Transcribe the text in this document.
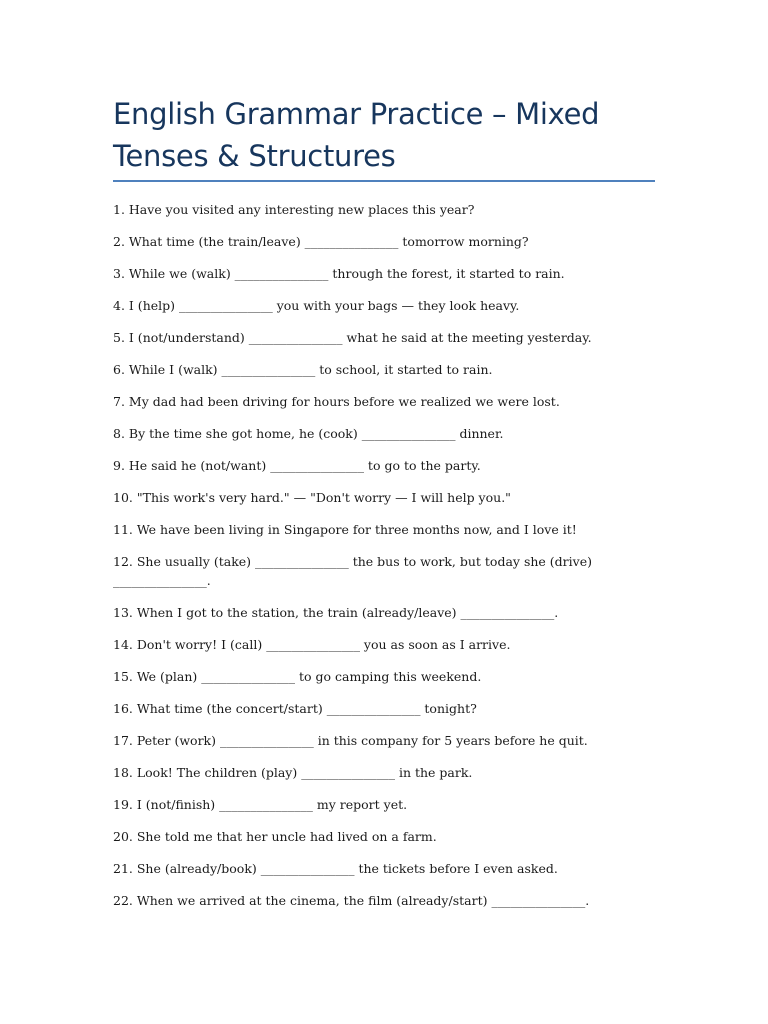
English Grammar Practice – Mixed Tenses & Structures
1. Have you visited any interesting new places this year?
2. What time (the train/leave) _______________ tomorrow morning?
3. While we (walk) _______________ through the forest, it started to rain.
4. I (help) _______________ you with your bags — they look heavy.
5. I (not/understand) _______________ what he said at the meeting yesterday.
6. While I (walk) _______________ to school, it started to rain.
7. My dad had been driving for hours before we realized we were lost.
8. By the time she got home, he (cook) _______________ dinner.
9. He said he (not/want) _______________ to go to the party.
10. "This work's very hard." — "Don't worry — I will help you."
11. We have been living in Singapore for three months now, and I love it!
12. She usually (take) _______________ the bus to work, but today she (drive) _______________.
13. When I got to the station, the train (already/leave) _______________.
14. Don't worry! I (call) _______________ you as soon as I arrive.
15. We (plan) _______________ to go camping this weekend.
16. What time (the concert/start) _______________ tonight?
17. Peter (work) _______________ in this company for 5 years before he quit.
18. Look! The children (play) _______________ in the park.
19. I (not/finish) _______________ my report yet.
20. She told me that her uncle had lived on a farm.
21. She (already/book) _______________ the tickets before I even asked.
22. When we arrived at the cinema, the film (already/start) _______________.
